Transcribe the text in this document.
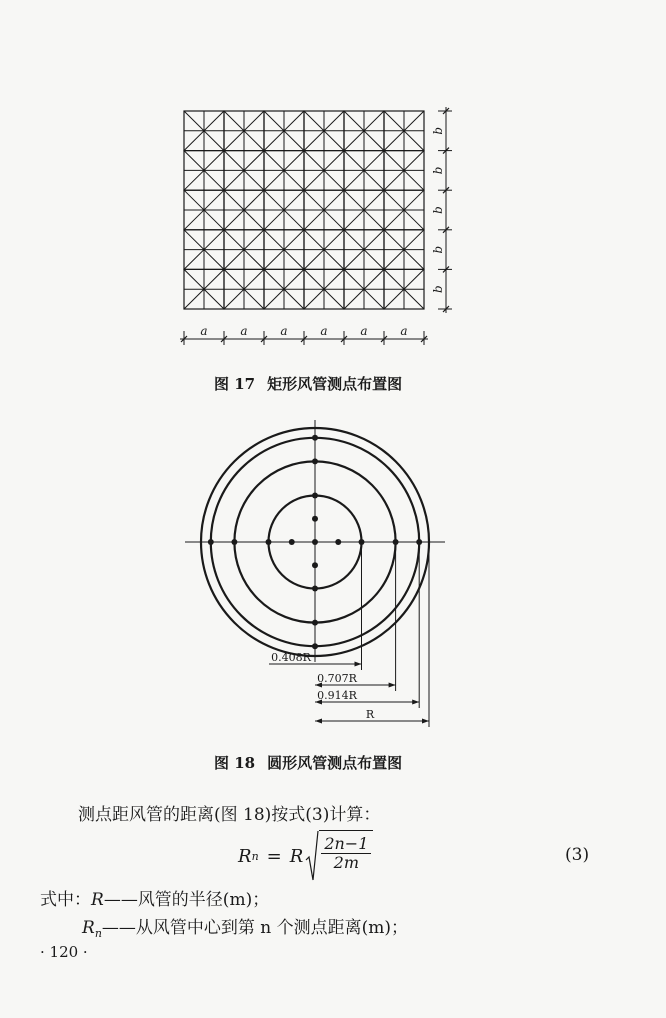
a	a	a	a	a	a
b
b
b
b
b
图 17 矩形风管测点布置图
0.408R
0.707R
0.914R
R
图 18 圆形风管测点布置图
测点距风管的距离(图 18)按式(3)计算：
R n = R $\frac{2n-1}{2m}$	(3)
式中：R——风管的半径(m)；
$R_n——$从风管中心到第 n 个测点距离(m)；
· 120 ·
